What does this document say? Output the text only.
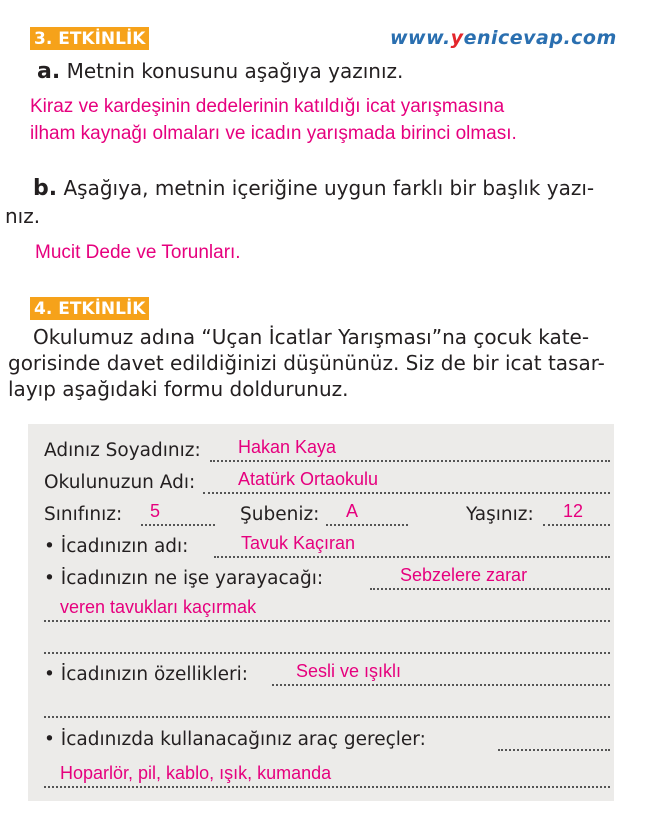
3. ETKİNLİK	www.yenicevap.com
a. Metnin konusunu aşağıya yazınız.
Kiraz ve kardeşinin dedelerinin katıldığı icat yarışmasına
ilham kaynağı olmaları ve icadın yarışmada birinci olması.
b. Aşağıya, metnin içeriğine uygun farklı bir başlık yazı-
nız.
Mucit Dede ve Torunları.
4. ETKİNLİK
Okulumuz adına “Uçan İcatlar Yarışması”na çocuk kate-
gorisinde davet edildiğinizi düşününüz. Siz de bir icat tasar-
layıp aşağıdaki formu doldurunuz.
Adınız Soyadınız:	Hakan Kaya
Okulunuzun Adı:	Atatürk Ortaokulu
Sınıfınız:	5	Şubeniz: A	Yaşınız: 12
• İcadınızın adı:	Tavuk Kaçıran
• İcadınızın ne işe yarayacağı:	Sebzelere zarar
veren tavukları kaçırmak
• İcadınızın özellikleri:	Sesli ve ışıklı
• İcadınızda kullanacağınız araç gereçler:
Hoparlör, pil, kablo, ışık, kumanda
